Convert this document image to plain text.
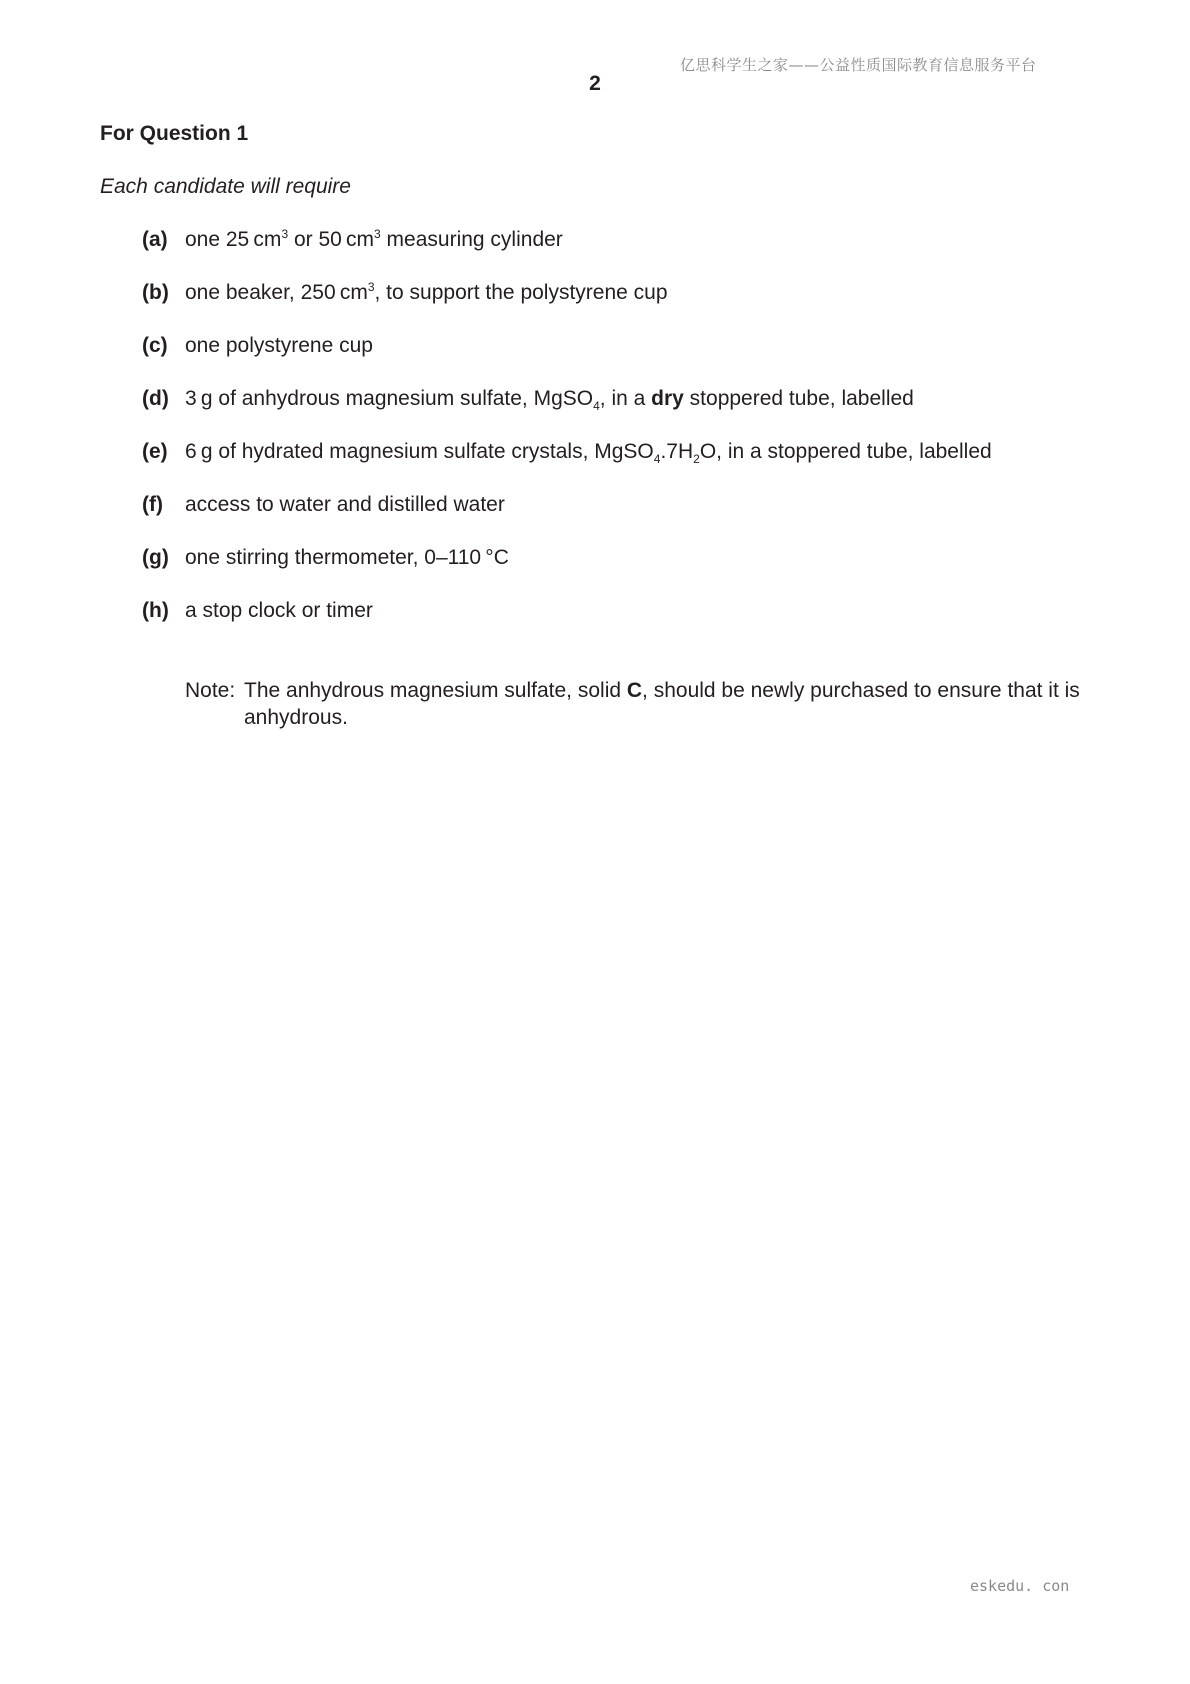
亿思科学生之家——公益性质国际教育信息服务平台
2
For Question 1
Each candidate will require
(a) one 25 $cm^3$ or 50 $cm^3$ measuring cylinder
(b) one beaker, 250 $cm^3$, to support the polystyrene cup
(c) one polystyrene cup
(d) 3 g of anhydrous magnesium sulfate, MgSO$_4$, in a dry stoppered tube, labelled
(e) 6 g of hydrated magnesium sulfate crystals, $MgSO_4.7H_2O$, in a stoppered tube, labelled
(f) access to water and distilled water
(g) one stirring thermometer, 0–110 °C
(h) a stop clock or timer
Note: The anhydrous magnesium sulfate, solid C, should be newly purchased to ensure that it is anhydrous.
eskedu. con
